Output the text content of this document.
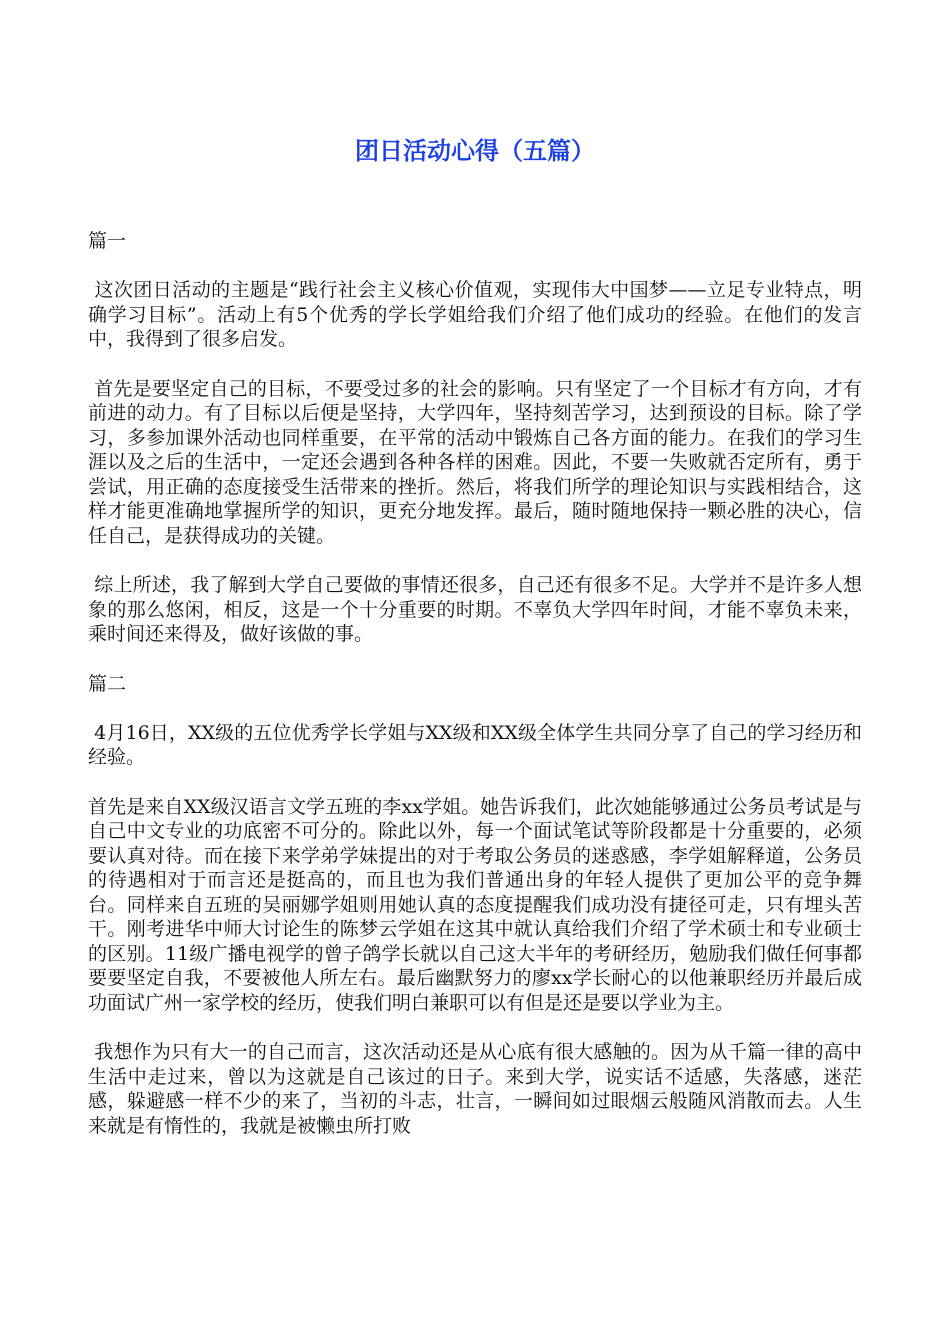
团日活动心得（五篇）

篇一

这次团日活动的主题是“践行社会主义核心价值观，实现伟大中国梦——立足专业特点，明确学习目标”。活动上有5个优秀的学长学姐给我们介绍了他们成功的经验。在他们的发言中，我得到了很多启发。

首先是要坚定自己的目标，不要受过多的社会的影响。只有坚定了一个目标才有方向，才有前进的动力。有了目标以后便是坚持，大学四年，坚持刻苦学习，达到预设的目标。除了学习，多参加课外活动也同样重要，在平常的活动中锻炼自己各方面的能力。在我们的学习生涯以及之后的生活中，一定还会遇到各种各样的困难。因此，不要一失败就否定所有，勇于尝试，用正确的态度接受生活带来的挫折。然后，将我们所学的理论知识与实践相结合，这样才能更准确地掌握所学的知识，更充分地发挥。最后，随时随地保持一颗必胜的决心，信任自己，是获得成功的关键。

综上所述，我了解到大学自己要做的事情还很多，自己还有很多不足。大学并不是许多人想象的那么悠闲，相反，这是一个十分重要的时期。不辜负大学四年时间，才能不辜负未来，乘时间还来得及，做好该做的事。

篇二

4月16日，XX级的五位优秀学长学姐与XX级和XX级全体学生共同分享了自己的学习经历和经验。

首先是来自XX级汉语言文学五班的李xx学姐。她告诉我们，此次她能够通过公务员考试是与自己中文专业的功底密不可分的。除此以外，每一个面试笔试等阶段都是十分重要的，必须要认真对待。而在接下来学弟学妹提出的对于考取公务员的迷惑感，李学姐解释道，公务员的待遇相对于而言还是挺高的，而且也为我们普通出身的年轻人提供了更加公平的竞争舞台。同样来自五班的吴丽娜学姐则用她认真的态度提醒我们成功没有捷径可走，只有埋头苦干。刚考进华中师大讨论生的陈梦云学姐在这其中就认真给我们介绍了学术硕士和专业硕士的区别。11级广播电视学的曾子鸽学长就以自己这大半年的考研经历，勉励我们做任何事都要要坚定自我，不要被他人所左右。最后幽默努力的廖xx学长耐心的以他兼职经历并最后成功面试广州一家学校的经历，使我们明白兼职可以有但是还是要以学业为主。

我想作为只有大一的自己而言，这次活动还是从心底有很大感触的。因为从千篇一律的高中生活中走过来，曾以为这就是自己该过的日子。来到大学，说实话不适感，失落感，迷茫感，躲避感一样不少的来了，当初的斗志，壮言，一瞬间如过眼烟云般随风消散而去。人生来就是有惰性的，我就是被懒虫所打败
